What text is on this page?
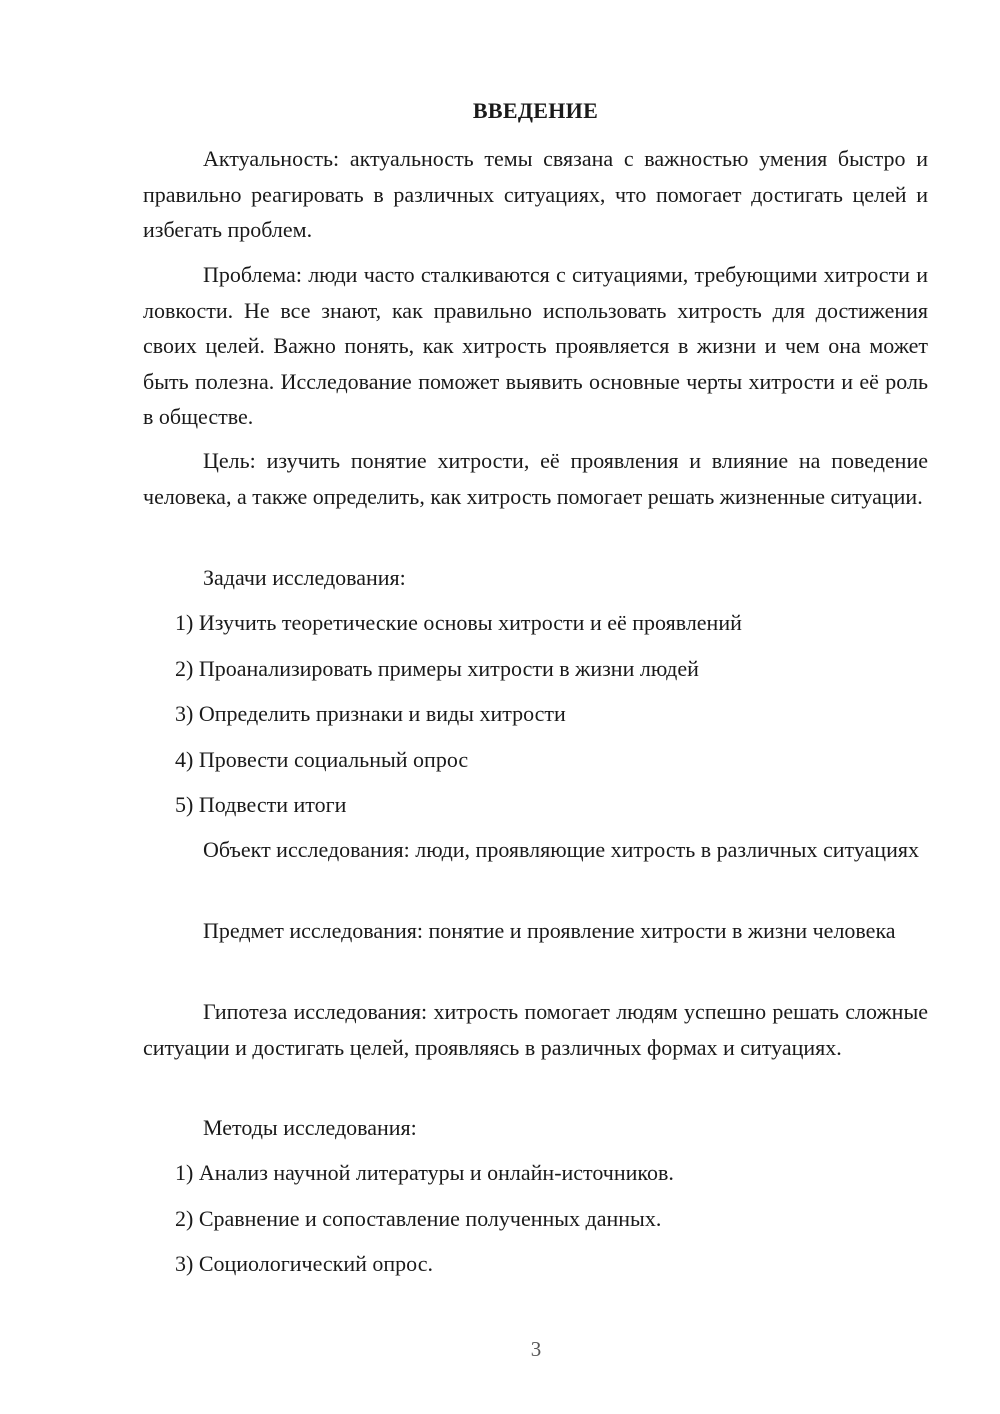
ВВЕДЕНИЕ

Актуальность: актуальность темы связана с важностью умения быстро и правильно реагировать в различных ситуациях, что помогает достигать целей и избегать проблем.

Проблема: люди часто сталкиваются с ситуациями, требующими хитрости и ловкости. Не все знают, как правильно использовать хитрость для достижения своих целей. Важно понять, как хитрость проявляется в жизни и чем она может быть полезна. Исследование поможет выявить основные черты хитрости и её роль в обществе.

Цель: изучить понятие хитрости, её проявления и влияние на поведение человека, а также определить, как хитрость помогает решать жизненные ситуации.

Задачи исследования:

1) Изучить теоретические основы хитрости и её проявлений

2) Проанализировать примеры хитрости в жизни людей

3) Определить признаки и виды хитрости

4) Провести социальный опрос

5) Подвести итоги

Объект исследования: люди, проявляющие хитрость в различных ситуациях

Предмет исследования: понятие и проявление хитрости в жизни человека

Гипотеза исследования: хитрость помогает людям успешно решать сложные ситуации и достигать целей, проявляясь в различных формах и ситуациях.

Методы исследования:

1) Анализ научной литературы и онлайн-источников.

2) Сравнение и сопоставление полученных данных.

3) Социологический опрос.

3
